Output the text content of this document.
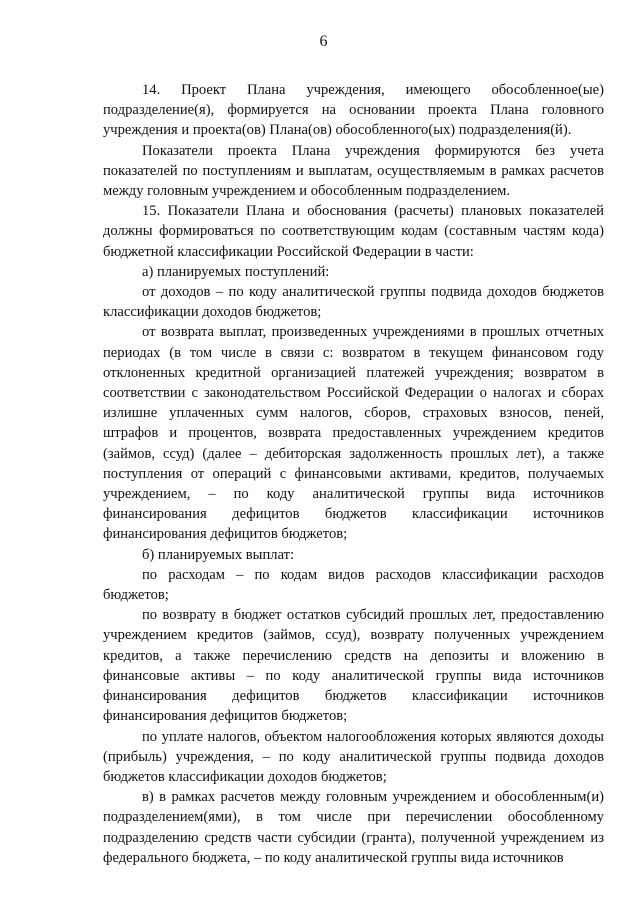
6

14. Проект Плана учреждения, имеющего обособленное(ые) подразделение(я), формируется на основании проекта Плана головного учреждения и проекта(ов) Плана(ов) обособленного(ых) подразделения(й).

Показатели проекта Плана учреждения формируются без учета показателей по поступлениям и выплатам, осуществляемым в рамках расчетов между головным учреждением и обособленным подразделением.

15. Показатели Плана и обоснования (расчеты) плановых показателей должны формироваться по соответствующим кодам (составным частям кода) бюджетной классификации Российской Федерации в части:

а) планируемых поступлений:

от доходов – по коду аналитической группы подвида доходов бюджетов классификации доходов бюджетов;

от возврата выплат, произведенных учреждениями в прошлых отчетных периодах (в том числе в связи с: возвратом в текущем финансовом году отклоненных кредитной организацией платежей учреждения; возвратом в соответствии с законодательством Российской Федерации о налогах и сборах излишне уплаченных сумм налогов, сборов, страховых взносов, пеней, штрафов и процентов, возврата предоставленных учреждением кредитов (займов, ссуд) (далее – дебиторская задолженность прошлых лет), а также поступления от операций с финансовыми активами, кредитов, получаемых учреждением, – по коду аналитической группы вида источников финансирования дефицитов бюджетов классификации источников финансирования дефицитов бюджетов;

б) планируемых выплат:

по расходам – по кодам видов расходов классификации расходов бюджетов;

по возврату в бюджет остатков субсидий прошлых лет, предоставлению учреждением кредитов (займов, ссуд), возврату полученных учреждением кредитов, а также перечислению средств на депозиты и вложению в финансовые активы – по коду аналитической группы вида источников финансирования дефицитов бюджетов классификации источников финансирования дефицитов бюджетов;

по уплате налогов, объектом налогообложения которых являются доходы (прибыль) учреждения, – по коду аналитической группы подвида доходов бюджетов классификации доходов бюджетов;

в) в рамках расчетов между головным учреждением и обособленным(и) подразделением(ями), в том числе при перечислении обособленному подразделению средств части субсидии (гранта), полученной учреждением из федерального бюджета, – по коду аналитической группы вида источников
